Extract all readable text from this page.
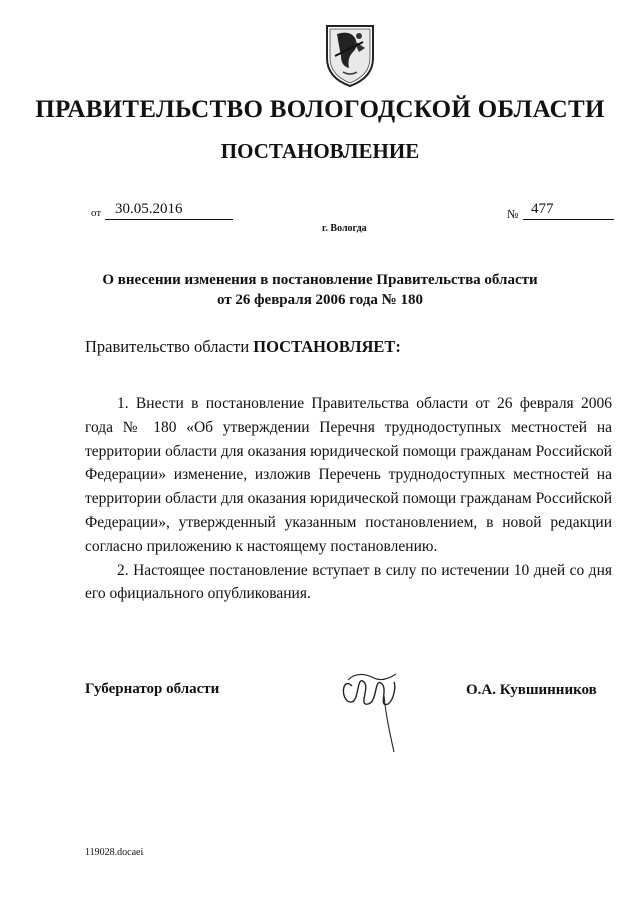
ПРАВИТЕЛЬСТВО ВОЛОГОДСКОЙ ОБЛАСТИ
ПОСТАНОВЛЕНИЕ
от 30.05.2016	№ 477
г. Вологда
О внесении изменения в постановление Правительства области
от 26 февраля 2006 года № 180
Правительство области ПОСТАНОВЛЯЕТ:

1. Внести в постановление Правительства области от 26 февраля 2006 года № 180 «Об утверждении Перечня труднодоступных местностей на территории области для оказания юридической помощи гражданам Российской Федерации» изменение, изложив Перечень труднодоступных местностей на территории области для оказания юридической помощи гражданам Российской Федерации», утвержденный указанным постановлением, в новой редакции согласно приложению к настоящему постановлению.

2. Настоящее постановление вступает в силу по истечении 10 дней со дня его официального опубликования.

Губернатор области	О.А. Кувшинников
119028.docaei
